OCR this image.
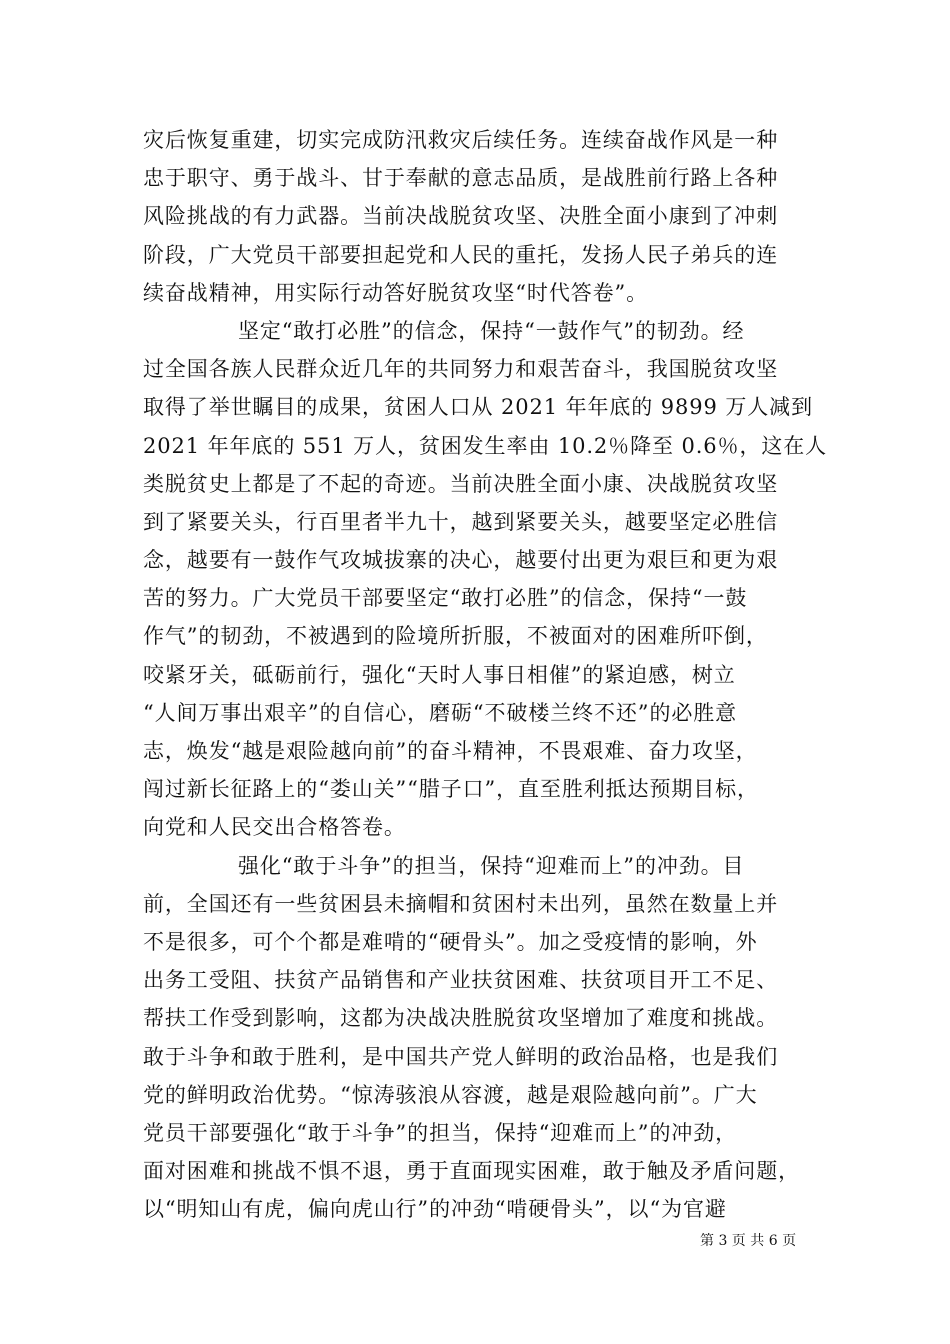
灾后恢复重建，切实完成防汛救灾后续任务。连续奋战作风是一种
忠于职守、勇于战斗、甘于奉献的意志品质，是战胜前行路上各种
风险挑战的有力武器。当前决战脱贫攻坚、决胜全面小康到了冲刺
阶段，广大党员干部要担起党和人民的重托，发扬人民子弟兵的连
续奋战精神，用实际行动答好脱贫攻坚“时代答卷”。
坚定“敢打必胜”的信念，保持“一鼓作气”的韧劲。经
过全国各族人民群众近几年的共同努力和艰苦奋斗，我国脱贫攻坚
取得了举世瞩目的成果，贫困人口从 2021 年年底的 9899 万人减到
2021 年年底的 551 万人，贫困发生率由 10.2％降至 0.6％，这在人
类脱贫史上都是了不起的奇迹。当前决胜全面小康、决战脱贫攻坚
到了紧要关头，行百里者半九十，越到紧要关头，越要坚定必胜信
念，越要有一鼓作气攻城拔寨的决心，越要付出更为艰巨和更为艰
苦的努力。广大党员干部要坚定“敢打必胜”的信念，保持“一鼓
作气”的韧劲，不被遇到的险境所折服，不被面对的困难所吓倒，
咬紧牙关，砥砺前行，强化“天时人事日相催”的紧迫感，树立
“人间万事出艰辛”的自信心，磨砺“不破楼兰终不还”的必胜意
志，焕发“越是艰险越向前”的奋斗精神，不畏艰难、奋力攻坚，
闯过新长征路上的“娄山关”“腊子口”，直至胜利抵达预期目标，
向党和人民交出合格答卷。
强化“敢于斗争”的担当，保持“迎难而上”的冲劲。目
前，全国还有一些贫困县未摘帽和贫困村未出列，虽然在数量上并
不是很多，可个个都是难啃的“硬骨头”。加之受疫情的影响，外
出务工受阻、扶贫产品销售和产业扶贫困难、扶贫项目开工不足、
帮扶工作受到影响，这都为决战决胜脱贫攻坚增加了难度和挑战。
敢于斗争和敢于胜利，是中国共产党人鲜明的政治品格，也是我们
党的鲜明政治优势。“惊涛骇浪从容渡，越是艰险越向前”。广大
党员干部要强化“敢于斗争”的担当，保持“迎难而上”的冲劲，
面对困难和挑战不惧不退，勇于直面现实困难，敢于触及矛盾问题，
以“明知山有虎，偏向虎山行”的冲劲“啃硬骨头”，以“为官避
第 3 页 共 6 页
